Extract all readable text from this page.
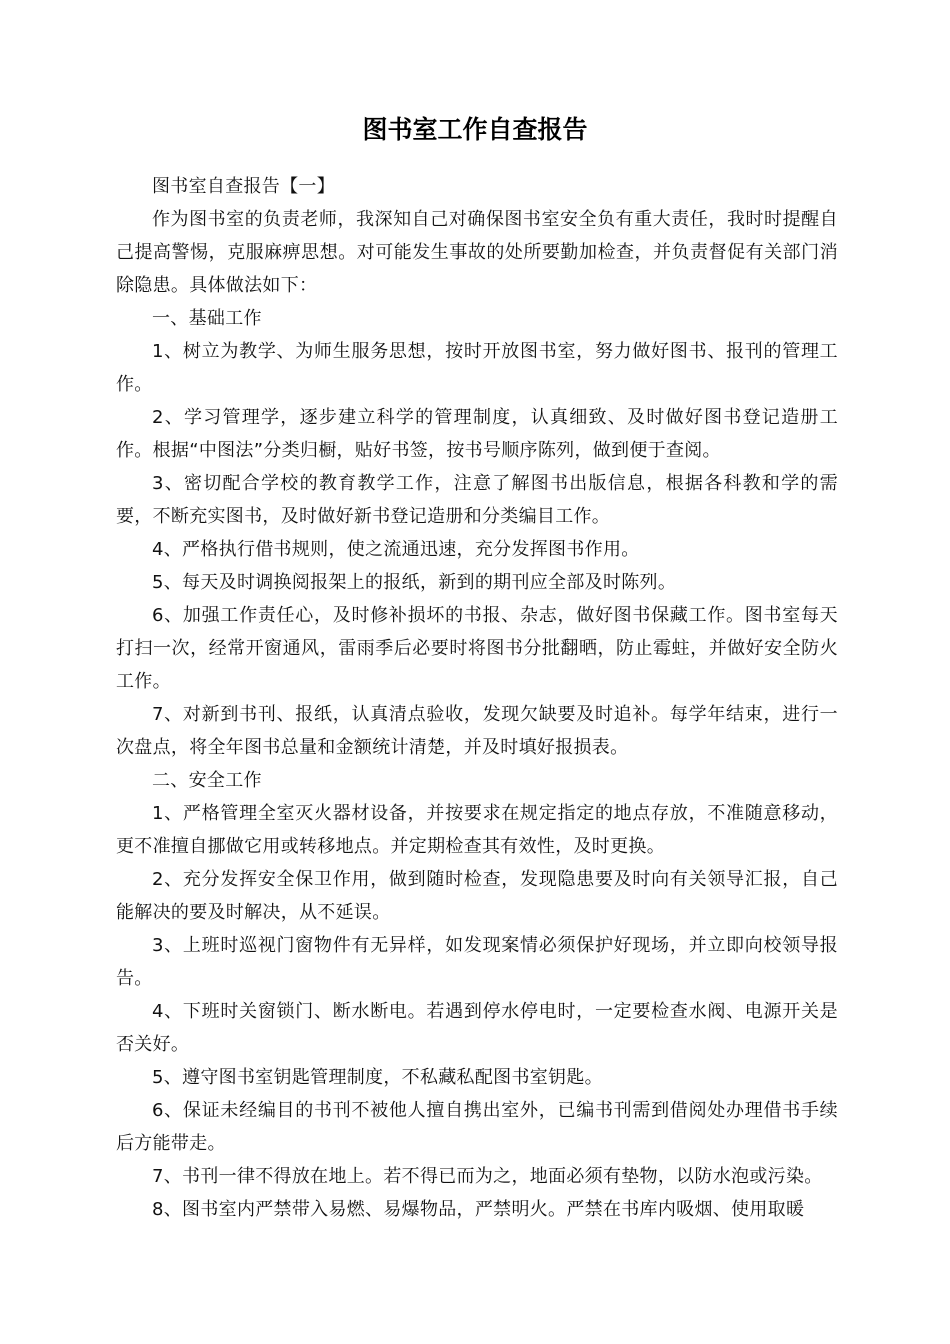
图书室工作自查报告

图书室自查报告【一】

作为图书室的负责老师，我深知自己对确保图书室安全负有重大责任，我时时提醒自己提高警惕，克服麻痹思想。对可能发生事故的处所要勤加检查，并负责督促有关部门消除隐患。具体做法如下：

一、基础工作

1、树立为教学、为师生服务思想，按时开放图书室，努力做好图书、报刊的管理工作。

2、学习管理学，逐步建立科学的管理制度，认真细致、及时做好图书登记造册工作。根据“中图法”分类归橱，贴好书签，按书号顺序陈列，做到便于查阅。

3、密切配合学校的教育教学工作，注意了解图书出版信息，根据各科教和学的需要，不断充实图书，及时做好新书登记造册和分类编目工作。

4、严格执行借书规则，使之流通迅速，充分发挥图书作用。

5、每天及时调换阅报架上的报纸，新到的期刊应全部及时陈列。

6、加强工作责任心，及时修补损坏的书报、杂志，做好图书保藏工作。图书室每天打扫一次，经常开窗通风，雷雨季后必要时将图书分批翻晒，防止霉蛀，并做好安全防火工作。

7、对新到书刊、报纸，认真清点验收，发现欠缺要及时追补。每学年结束，进行一次盘点，将全年图书总量和金额统计清楚，并及时填好报损表。

二、安全工作

1、严格管理全室灭火器材设备，并按要求在规定指定的地点存放，不准随意移动，更不准擅自挪做它用或转移地点。并定期检查其有效性，及时更换。

2、充分发挥安全保卫作用，做到随时检查，发现隐患要及时向有关领导汇报，自己能解决的要及时解决，从不延误。

3、上班时巡视门窗物件有无异样，如发现案情必须保护好现场，并立即向校领导报告。

4、下班时关窗锁门、断水断电。若遇到停水停电时，一定要检查水阀、电源开关是否关好。

5、遵守图书室钥匙管理制度，不私藏私配图书室钥匙。

6、保证未经编目的书刊不被他人擅自携出室外，已编书刊需到借阅处办理借书手续后方能带走。

7、书刊一律不得放在地上。若不得已而为之，地面必须有垫物，以防水泡或污染。

8、图书室内严禁带入易燃、易爆物品，严禁明火。严禁在书库内吸烟、使用取暖
